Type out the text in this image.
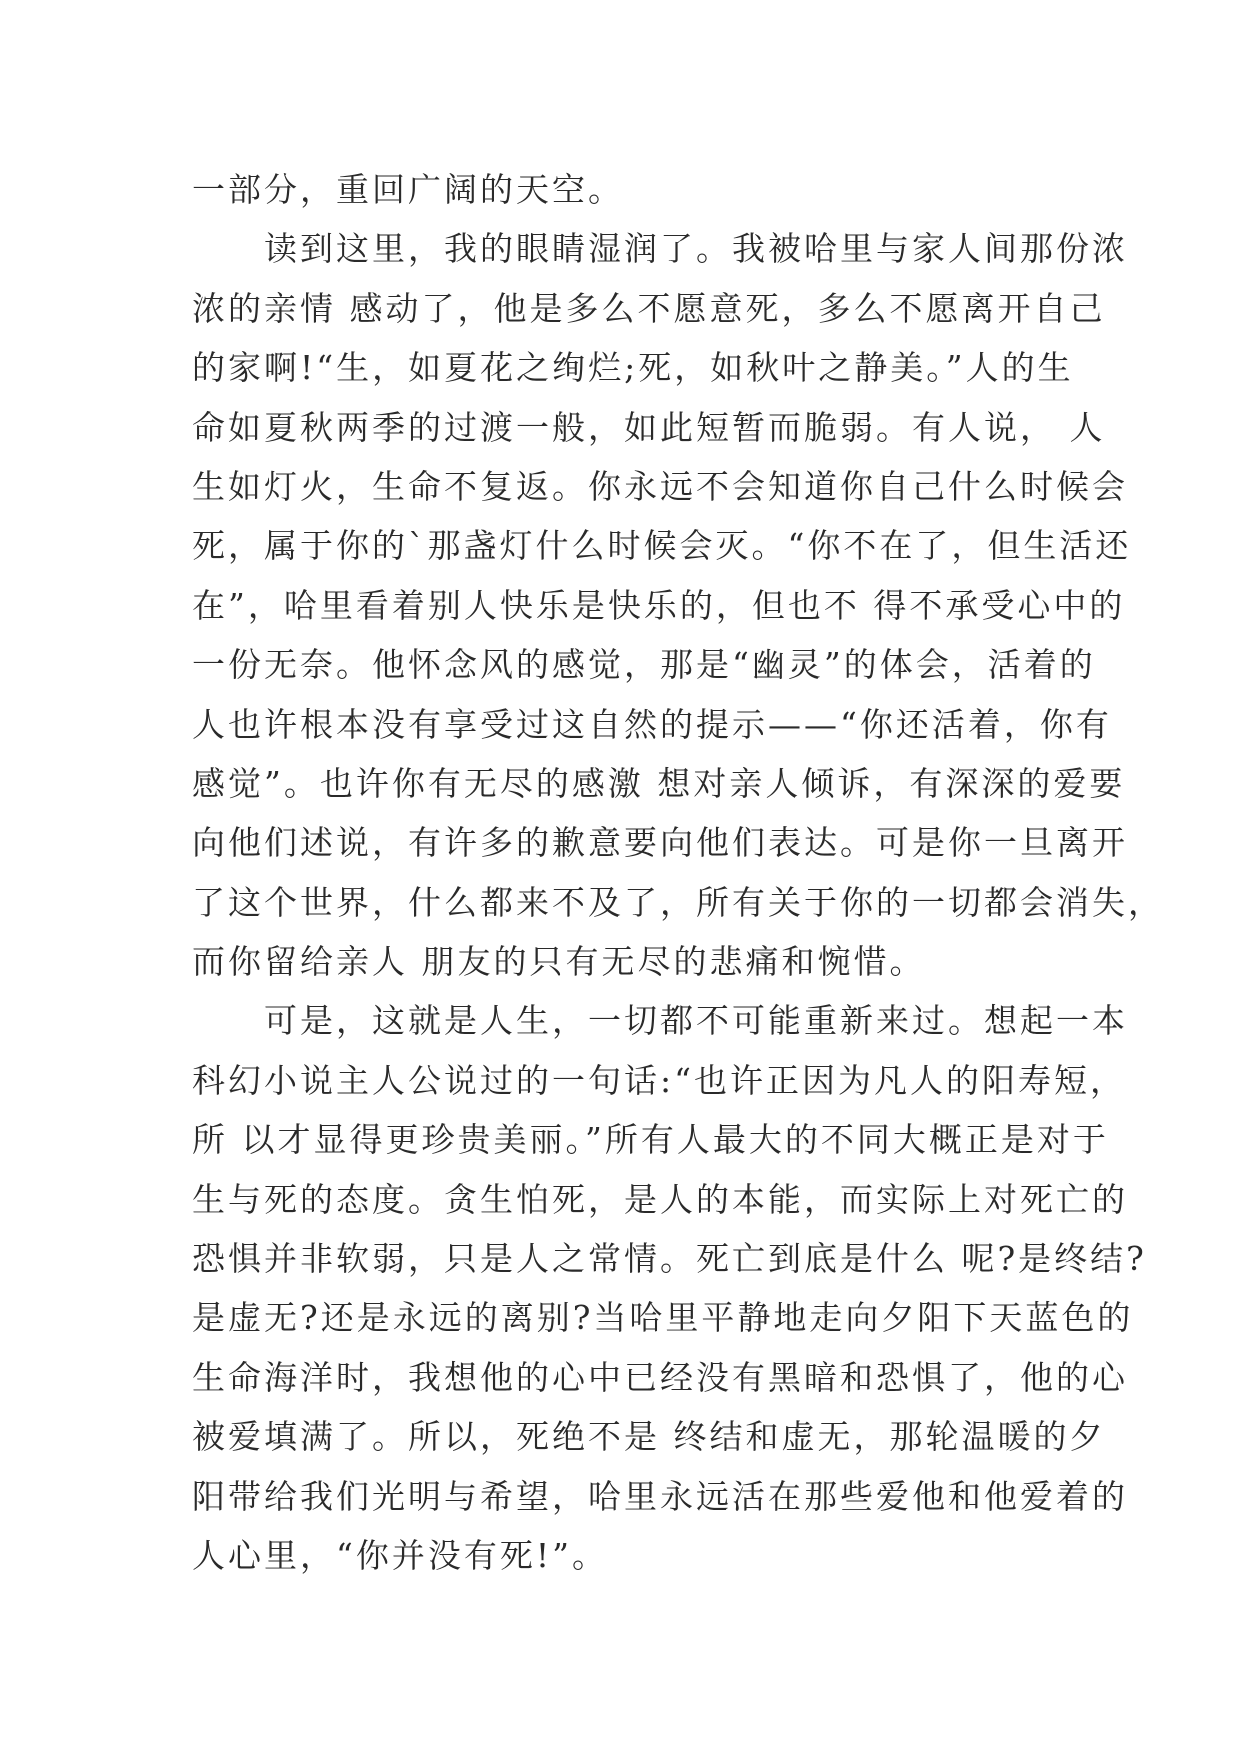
一部分，重回广阔的天空。
　　读到这里，我的眼睛湿润了。我被哈里与家人间那份浓
浓的亲情 感动了，他是多么不愿意死，多么不愿离开自己
的家啊!“生，如夏花之绚烂;死，如秋叶之静美。”人的生
命如夏秋两季的过渡一般，如此短暂而脆弱。有人说， 人
生如灯火，生命不复返。你永远不会知道你自己什么时候会
死，属于你的`那盏灯什么时候会灭。“你不在了，但生活还
在”，哈里看着别人快乐是快乐的，但也不 得不承受心中的
一份无奈。他怀念风的感觉，那是“幽灵”的体会，活着的
人也许根本没有享受过这自然的提示——“你还活着，你有
感觉”。也许你有无尽的感激 想对亲人倾诉，有深深的爱要
向他们述说，有许多的歉意要向他们表达。可是你一旦离开
了这个世界，什么都来不及了，所有关于你的一切都会消失，
而你留给亲人 朋友的只有无尽的悲痛和惋惜。
　　可是，这就是人生，一切都不可能重新来过。想起一本
科幻小说主人公说过的一句话:“也许正因为凡人的阳寿短，
所 以才显得更珍贵美丽。”所有人最大的不同大概正是对于
生与死的态度。贪生怕死，是人的本能，而实际上对死亡的
恐惧并非软弱，只是人之常情。死亡到底是什么 呢?是终结?
是虚无?还是永远的离别?当哈里平静地走向夕阳下天蓝色的
生命海洋时，我想他的心中已经没有黑暗和恐惧了，他的心
被爱填满了。所以，死绝不是 终结和虚无，那轮温暖的夕
阳带给我们光明与希望，哈里永远活在那些爱他和他爱着的
人心里，“你并没有死!”。
